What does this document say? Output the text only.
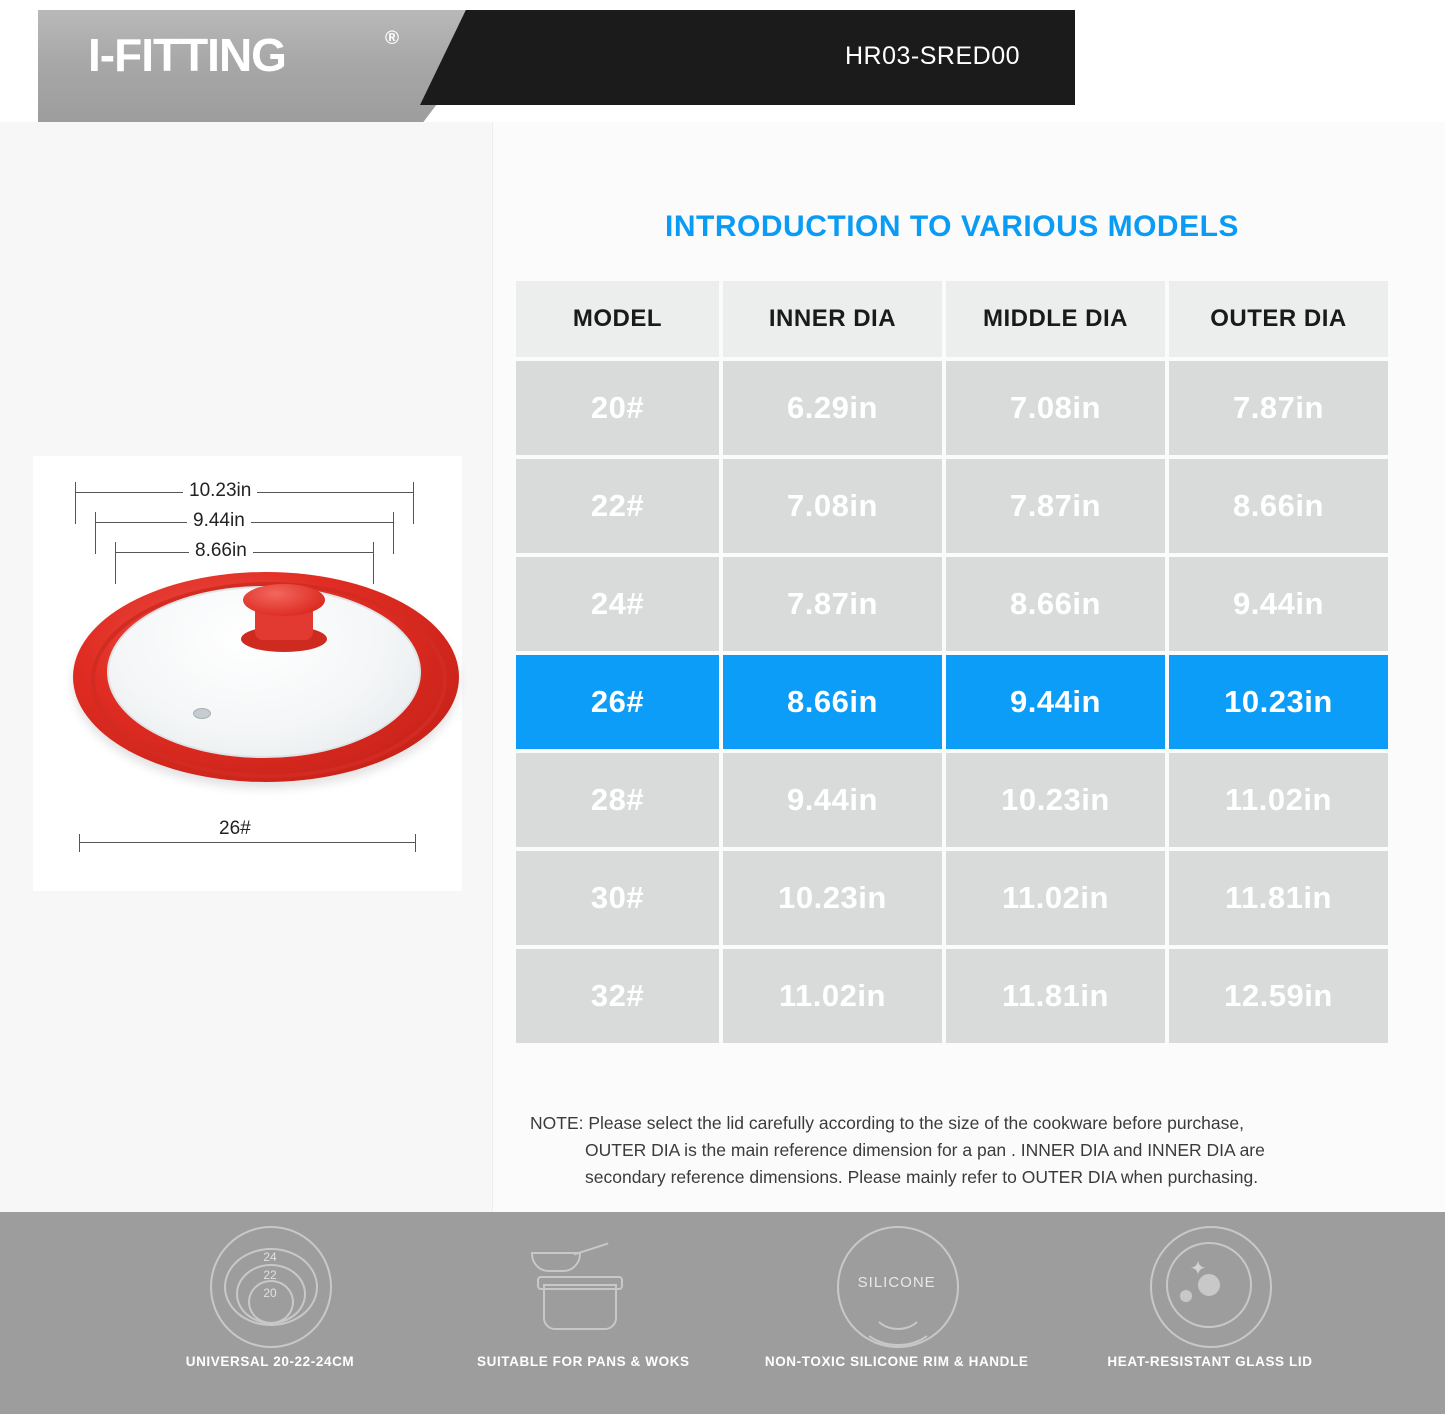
I-FITTING	®
HR03-SRED00
10.23in
9.44in
8.66in
26#
INTRODUCTION TO VARIOUS MODELS
MODEL	INNER DIA	MIDDLE DIA	OUTER DIA
20#	6.29in	7.08in	7.87in
22#	7.08in	7.87in	8.66in
24#	7.87in	8.66in	9.44in
26#	8.66in	9.44in	10.23in
28#	9.44in	10.23in	11.02in
30#	10.23in	11.02in	11.81in
32#	11.02in	11.81in	12.59in
NOTE: Please select the lid carefully according to the size of the cookware before purchase,
OUTER DIA is the main reference dimension for a pan . INNER DIA and INNER DIA are
secondary reference dimensions. Please mainly refer to OUTER DIA when purchasing.
24
22
20
UNIVERSAL 20-22-24CM	SUITABLE FOR PANS & WOKS
SILICONE
NON-TOXIC SILICONE RIM & HANDLE
✦
HEAT-RESISTANT GLASS LID
